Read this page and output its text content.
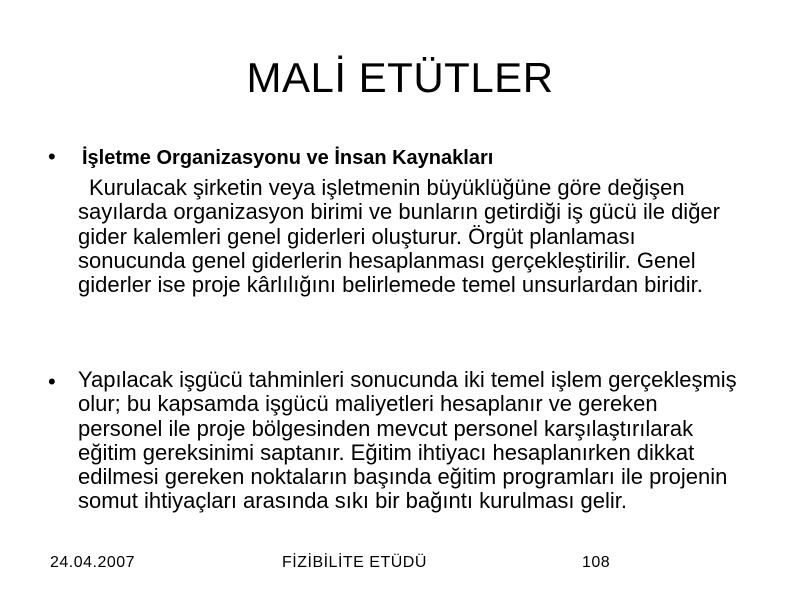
MALİ ETÜTLER
• İşletme Organizasyonu ve İnsan Kaynakları

Kurulacak şirketin veya işletmenin büyüklüğüne göre değişen sayılarda organizasyon birimi ve bunların getirdiği iş gücü ile diğer gider kalemleri genel giderleri oluşturur. Örgüt planlaması sonucunda genel giderlerin hesaplanması gerçekleştirilir. Genel giderler ise proje kârlılığını belirlemede temel unsurlardan biridir.

• Yapılacak işgücü tahminleri sonucunda iki temel işlem gerçekleşmiş olur; bu kapsamda işgücü maliyetleri hesaplanır ve gereken personel ile proje bölgesinden mevcut personel karşılaştırılarak eğitim gereksinimi saptanır. Eğitim ihtiyacı hesaplanırken dikkat edilmesi gereken noktaların başında eğitim programları ile projenin somut ihtiyaçları arasında sıkı bir bağıntı kurulması gelir.

24.04.2007	FİZİBİLİTE ETÜDÜ	108
